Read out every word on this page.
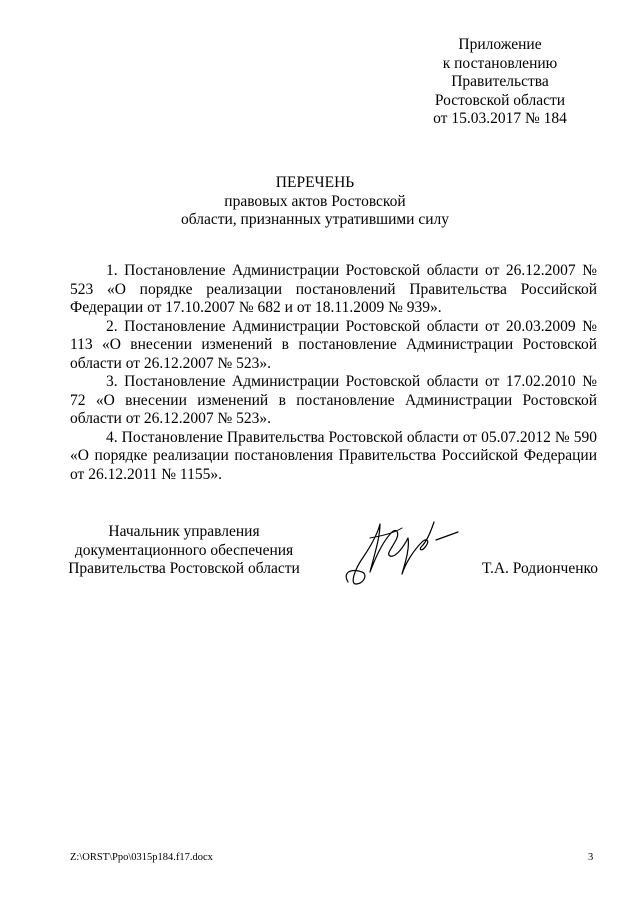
Приложение
к постановлению
Правительства
Ростовской области
от 15.03.2017 № 184
ПЕРЕЧЕНЬ
правовых актов Ростовской
области, признанных утратившими силу

1. Постановление Администрации Ростовской области от 26.12.2007 № 523 «О порядке реализации постановлений Правительства Российской Федерации от 17.10.2007 № 682 и от 18.11.2009 № 939».

2. Постановление Администрации Ростовской области от 20.03.2009 № 113 «О внесении изменений в постановление Администрации Ростовской области от 26.12.2007 № 523».

3. Постановление Администрации Ростовской области от 17.02.2010 № 72 «О внесении изменений в постановление Администрации Ростовской области от 26.12.2007 № 523».

4. Постановление Правительства Ростовской области от 05.07.2012 № 590 «О порядке реализации постановления Правительства Российской Федерации от 26.12.2011 № 1155».

Начальник управления
документационного обеспечения
Правительства Ростовской области	Т.А. Родионченко
Z:\ORST\Ppo\0315p184.f17.docx	3
